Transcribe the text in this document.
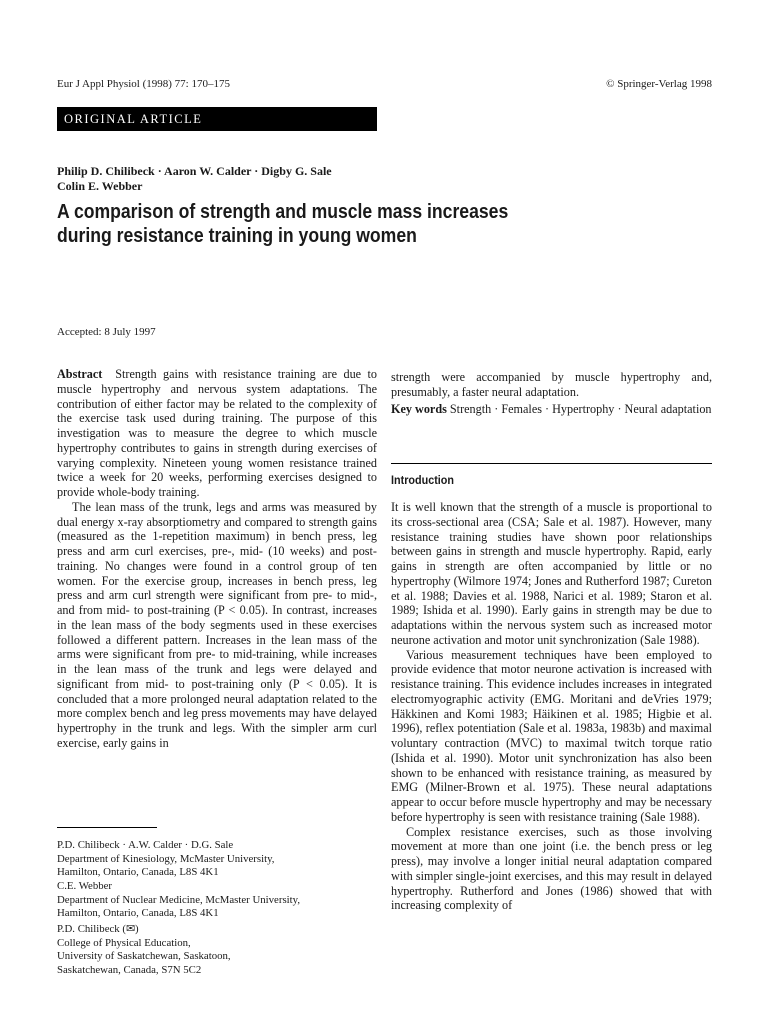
Eur J Appl Physiol (1998) 77: 170–175	© Springer-Verlag 1998
ORIGINAL ARTICLE
Philip D. Chilibeck · Aaron W. Calder · Digby G. Sale
Colin E. Webber
A comparison of strength and muscle mass increases
during resistance training in young women
Accepted: 8 July 1997

Abstract Strength gains with resistance training are due to muscle hypertrophy and nervous system adaptations. The contribution of either factor may be related to the complexity of the exercise task used during training. The purpose of this investigation was to measure the degree to which muscle hypertrophy contributes to gains in strength during exercises of varying complexity. Nineteen young women resistance trained twice a week for 20 weeks, performing exercises designed to provide whole-body training.

The lean mass of the trunk, legs and arms was measured by dual energy x-ray absorptiometry and compared to strength gains (measured as the 1-repetition maximum) in bench press, leg press and arm curl exercises, pre-, mid- (10 weeks) and post-training. No changes were found in a control group of ten women. For the exercise group, increases in bench press, leg press and arm curl strength were significant from pre- to mid-, and from mid- to post-training (P < 0.05). In contrast, increases in the lean mass of the body segments used in these exercises followed a different pattern. Increases in the lean mass of the arms were significant from pre- to mid-training, while increases in the lean mass of the trunk and legs were delayed and significant from mid- to post-training only (P < 0.05). It is concluded that a more prolonged neural adaptation related to the more complex bench and leg press movements may have delayed hypertrophy in the trunk and legs. With the simpler arm curl exercise, early gains in

P.D. Chilibeck · A.W. Calder · D.G. Sale
Department of Kinesiology, McMaster University,
Hamilton, Ontario, Canada, L8S 4K1
C.E. Webber
Department of Nuclear Medicine, McMaster University,
Hamilton, Ontario, Canada, L8S 4K1
P.D. Chilibeck (✉)
College of Physical Education,
University of Saskatchewan, Saskatoon,
Saskatchewan, Canada, S7N 5C2

strength were accompanied by muscle hypertrophy and, presumably, a faster neural adaptation.

Key words Strength · Females · Hypertrophy · Neural adaptation

Introduction

It is well known that the strength of a muscle is proportional to its cross-sectional area (CSA; Sale et al. 1987). However, many resistance training studies have shown poor relationships between gains in strength and muscle hypertrophy. Rapid, early gains in strength are often accompanied by little or no hypertrophy (Wilmore 1974; Jones and Rutherford 1987; Cureton et al. 1988; Davies et al. 1988, Narici et al. 1989; Staron et al. 1989; Ishida et al. 1990). Early gains in strength may be due to adaptations within the nervous system such as increased motor neurone activation and motor unit synchronization (Sale 1988).

Various measurement techniques have been employed to provide evidence that motor neurone activation is increased with resistance training. This evidence includes increases in integrated electromyographic activity (EMG. Moritani and deVries 1979; Häkkinen and Komi 1983; Häikinen et al. 1985; Higbie et al. 1996), reflex potentiation (Sale et al. 1983a, 1983b) and maximal voluntary contraction (MVC) to maximal twitch torque ratio (Ishida et al. 1990). Motor unit synchronization has also been shown to be enhanced with resistance training, as measured by EMG (Milner-Brown et al. 1975). These neural adaptations appear to occur before muscle hypertrophy and may be necessary before hypertrophy is seen with resistance training (Sale 1988).

Complex resistance exercises, such as those involving movement at more than one joint (i.e. the bench press or leg press), may involve a longer initial neural adaptation compared with simpler single-joint exercises, and this may result in delayed hypertrophy. Rutherford and Jones (1986) showed that with increasing complexity of
